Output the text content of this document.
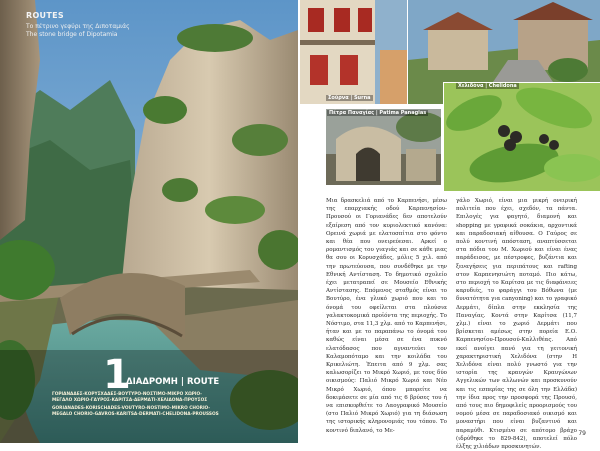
ROUTES
Το πέτρινο γεφύρι της Διποταμιάς
The stone bridge of Dipotamia
1
ΔΙΑΔΡΟΜΗ | ROUTE
ΓΟΡΙΑΝΑΔΕΣ-ΚΟΡΥΣΧΑΔΕΣ-ΒΟΥΤΥΡΟ-ΝΟΣΤΙΜΟ-ΜΙΚΡΟ ΧΩΡΙΟ-
ΜΕΓΑΛΟ ΧΩΡΙΟ-ΓΑΥΡΟΣ-ΚΑΡΙΤΣΑ-ΔΕΡΜΑΤΙ-ΧΕΛΙΔΟΝΑ-ΠΡΟΥΣΟΣ
GORIANADES-KORISCHADES-VOUTYRO-NOSTIMO-MIKRO CHORIO-
MEGALO CHORIO-GAVROS-KARITSA-DERMATI-CHELIDONA-PROUSSOS
Σούρνα | Surna
Πέτρα Παναγίας | Patima Panagias
Χελιδόνα | Chelidona
Μια δρασκελιά από το Καρπενήσι, μέσω της επαρχιακής οδού Καρπενησίου-Προυσού οι Γοριανάδες δεν αποτελούν εξαίρεση από τον κυριολεκτικό κανόνα: Ορεινά χωριά με ελατοσπίτια στο φόντο και θέα που ονειρεύεσαι. Αρκεί ο ρομαντισμός του γιαγιάς και σε κάθε μιας θα σου οι Κορυσχάδες, μόλις 5 χιλ. από την πρωτεύουσα, που συνδέθηκε με την Εθνική Αντίσταση. Το δημοτικό σχολείο έχει μετατραπεί σε Μουσείο Εθνικής Αντίστασης. Επόμενος σταθμός είναι το Βουτύρο, ένα γλυκό χωριό που και το όνομά του οφείλεται στα πλούσια γαλακτοκομικά προϊόντα της περιοχής. Το Νόστιμο, στα 11,3 χλμ. από το Καρπενήσι, ήταν και με το παραπάνω το όνομά του καθώς είναι μέσα σε ένα πυκνό ελατόδασος που αγναντεύει τον Καλαμοπόταμο και την κοιλάδα του Κρικελιώτη. Έπειτα από 9 χλμ. σας καλωσορίζει το Μικρό Χωριό, με τους δύο οικισμούς: Παλιό Μικρό Χωριό και Νέο Μικρό Χωριό, όπου μπορείτε να δοκιμάσετε σε μία από τις 6 βρύσες του ή να επισκεφθείτε το Λαογραφικό Μουσείο (στο Παλιό Μικρό Χωριό) για τη διάσωση της ιστορικής κληρονομιάς του τόπου. Το κοντινό διπλανό, το Με-
γάλο Χωριό, είναι μια μικρή ονειρική πολιτεία που έχει, σχεδόν, τα πάντα. Επιλογές για φαγητό, διαμονή και shopping με γραφικά σοκάκια, αρχοντικά και παραδοσιακή αίθουσα. Ο Γαύρος σε πολύ κοντινή απόσταση, αναπτύσσεται στα πόδια του Μ. Χωριού και είναι ένας παράδεισος, με πέστροφες, βυζάντια και ξεναγήσεις για περιπάτους και rafting στον Καρπενησιώτη ποταμό. Πιο κάτω, στο περιοχή το Καρίτσα με τις διαφάνειες καρυδιές, το φαράγγι του Βόθωνα (με δυνατότητα για canyoning) και το γραφικό Δερμάτι, δίπλα στην εκκλησία της Παναγίας. Κοντά στην Καρίτσα (11,7 χλμ.) είναι το χωριό Δερμάτι που βρίσκεται αμέσως στην πορεία Ε.Ο. Καρπενησίου-Προυσού-Καλλιθέας. Από εκεί ανοίγει πανό για τη γειτονική χαρακτηριστική Χελιδόνα (στην Η Χελιδόνα είναι πολύ γνωστό για την ιστορία της κραυγών Κραυγώνων Αγγελικών των αλλωνών και προσκυνούν και τις εσπερίας της σε όλη την Ελλάδα) την ίδια προς την προσφορά της Προυσό, από τους πιο δημοφιλείς προορισμούς του νομού μέσα σε παραδοσιακό οικισμό και μοναστήρι που είναι βυζαντινό και παραμύθι. Κτισμένο σε απότομο βράχο (ιδρύθηκε το 829-842), αποτελεί πόλο έλξης χιλιάδων προσκυνητών.
79
